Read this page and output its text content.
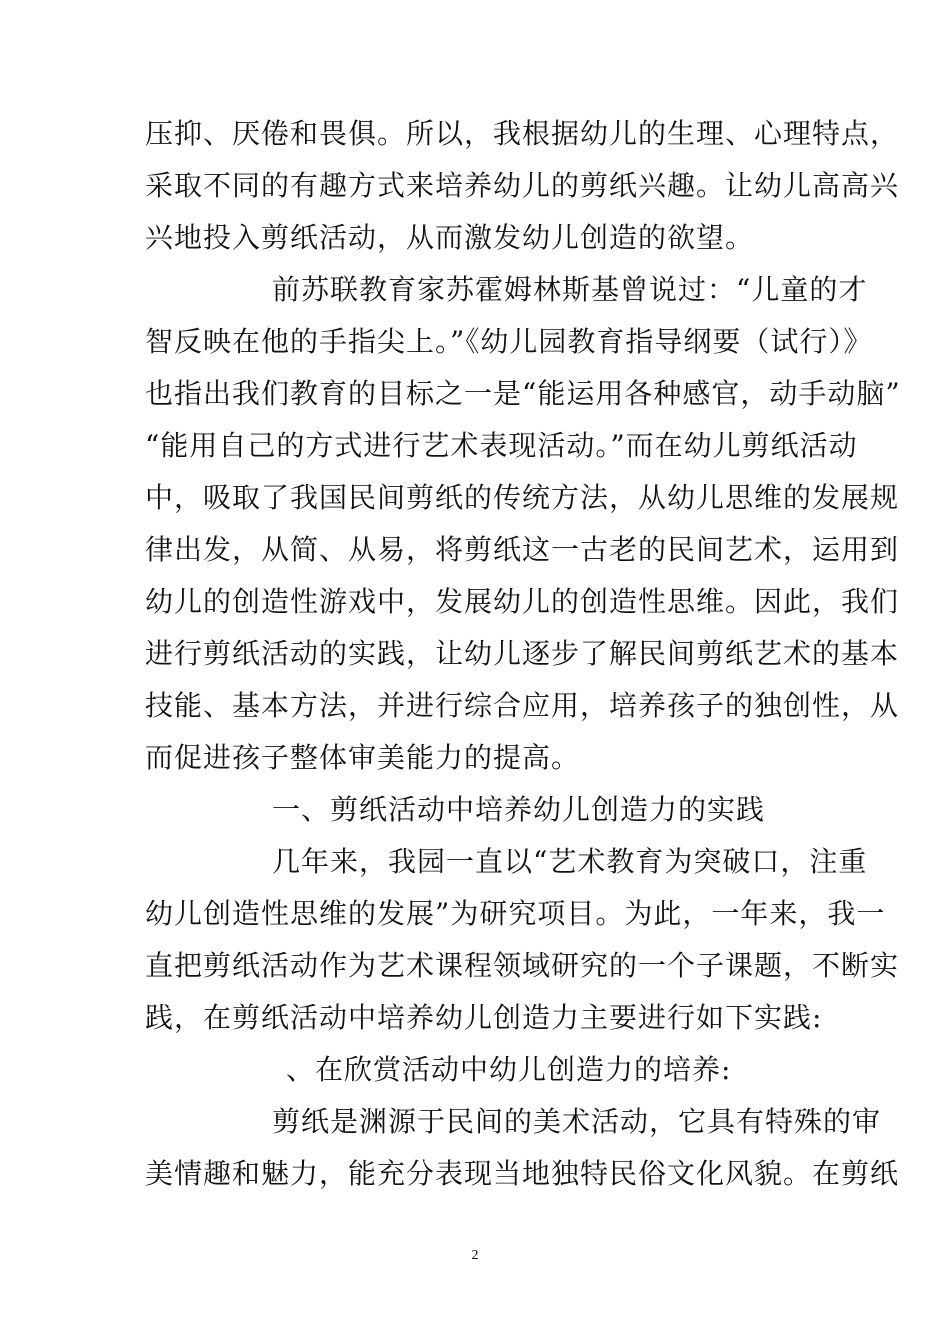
压抑、厌倦和畏俱。所以，我根据幼儿的生理、心理特点，
采取不同的有趣方式来培养幼儿的剪纸兴趣。让幼儿高高兴
兴地投入剪纸活动，从而激发幼儿创造的欲望。
前苏联教育家苏霍姆林斯基曾说过：“儿童的才
智反映在他的手指尖上。”《幼儿园教育指导纲要（试行）》
也指出我们教育的目标之一是“能运用各种感官，动手动脑”
“能用自己的方式进行艺术表现活动。”而在幼儿剪纸活动
中，吸取了我国民间剪纸的传统方法，从幼儿思维的发展规
律出发，从简、从易，将剪纸这一古老的民间艺术，运用到
幼儿的创造性游戏中，发展幼儿的创造性思维。因此，我们
进行剪纸活动的实践，让幼儿逐步了解民间剪纸艺术的基本
技能、基本方法，并进行综合应用，培养孩子的独创性，从
而促进孩子整体审美能力的提高。
一、剪纸活动中培养幼儿创造力的实践
几年来，我园一直以“艺术教育为突破口，注重
幼儿创造性思维的发展”为研究项目。为此，一年来，我一
直把剪纸活动作为艺术课程领域研究的一个子课题，不断实
践，在剪纸活动中培养幼儿创造力主要进行如下实践:
、在欣赏活动中幼儿创造力的培养:
剪纸是渊源于民间的美术活动，它具有特殊的审
美情趣和魅力，能充分表现当地独特民俗文化风貌。在剪纸
2
